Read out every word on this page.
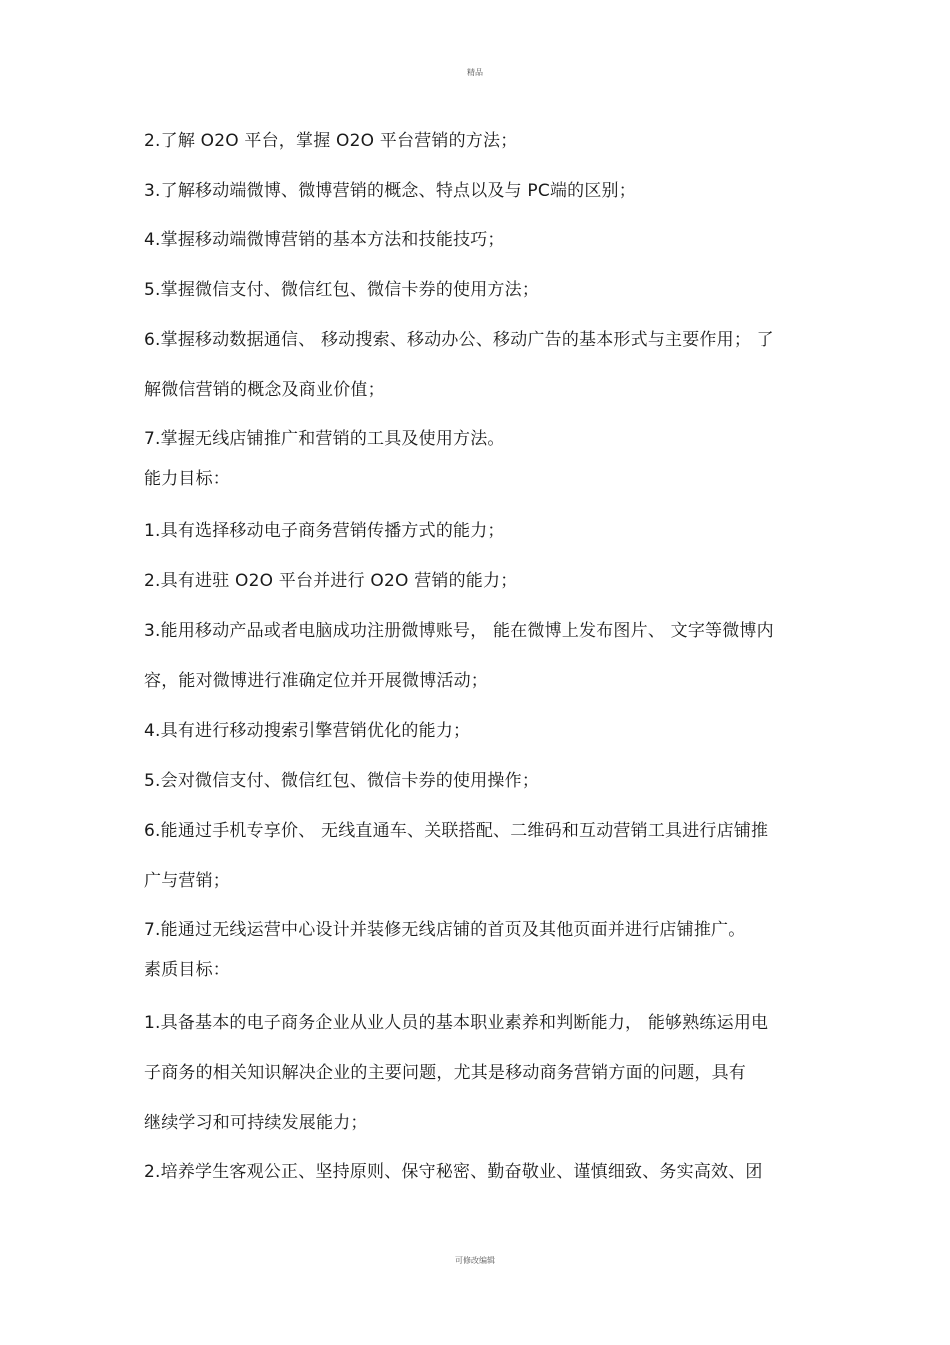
精品
2.了解 O2O 平台，掌握 O2O 平台营销的方法；
3.了解移动端微博、微博营销的概念、特点以及与 PC端的区别；
4.掌握移动端微博营销的基本方法和技能技巧；
5.掌握微信支付、微信红包、微信卡券的使用方法；
6.掌握移动数据通信、 移动搜索、移动办公、移动广告的基本形式与主要作用； 了
解微信营销的概念及商业价值；
7.掌握无线店铺推广和营销的工具及使用方法。
能力目标：
1.具有选择移动电子商务营销传播方式的能力；
2.具有进驻 O2O 平台并进行 O2O 营销的能力；
3.能用移动产品或者电脑成功注册微博账号， 能在微博上发布图片、 文字等微博内
容，能对微博进行准确定位并开展微博活动；
4.具有进行移动搜索引擎营销优化的能力；
5.会对微信支付、微信红包、微信卡券的使用操作；
6.能通过手机专享价、 无线直通车、关联搭配、二维码和互动营销工具进行店铺推
广与营销；
7.能通过无线运营中心设计并装修无线店铺的首页及其他页面并进行店铺推广。
素质目标：
1.具备基本的电子商务企业从业人员的基本职业素养和判断能力， 能够熟练运用电
子商务的相关知识解决企业的主要问题，尤其是移动商务营销方面的问题，具有
继续学习和可持续发展能力；
2.培养学生客观公正、坚持原则、保守秘密、勤奋敬业、谨慎细致、务实高效、团
可修改编辑
